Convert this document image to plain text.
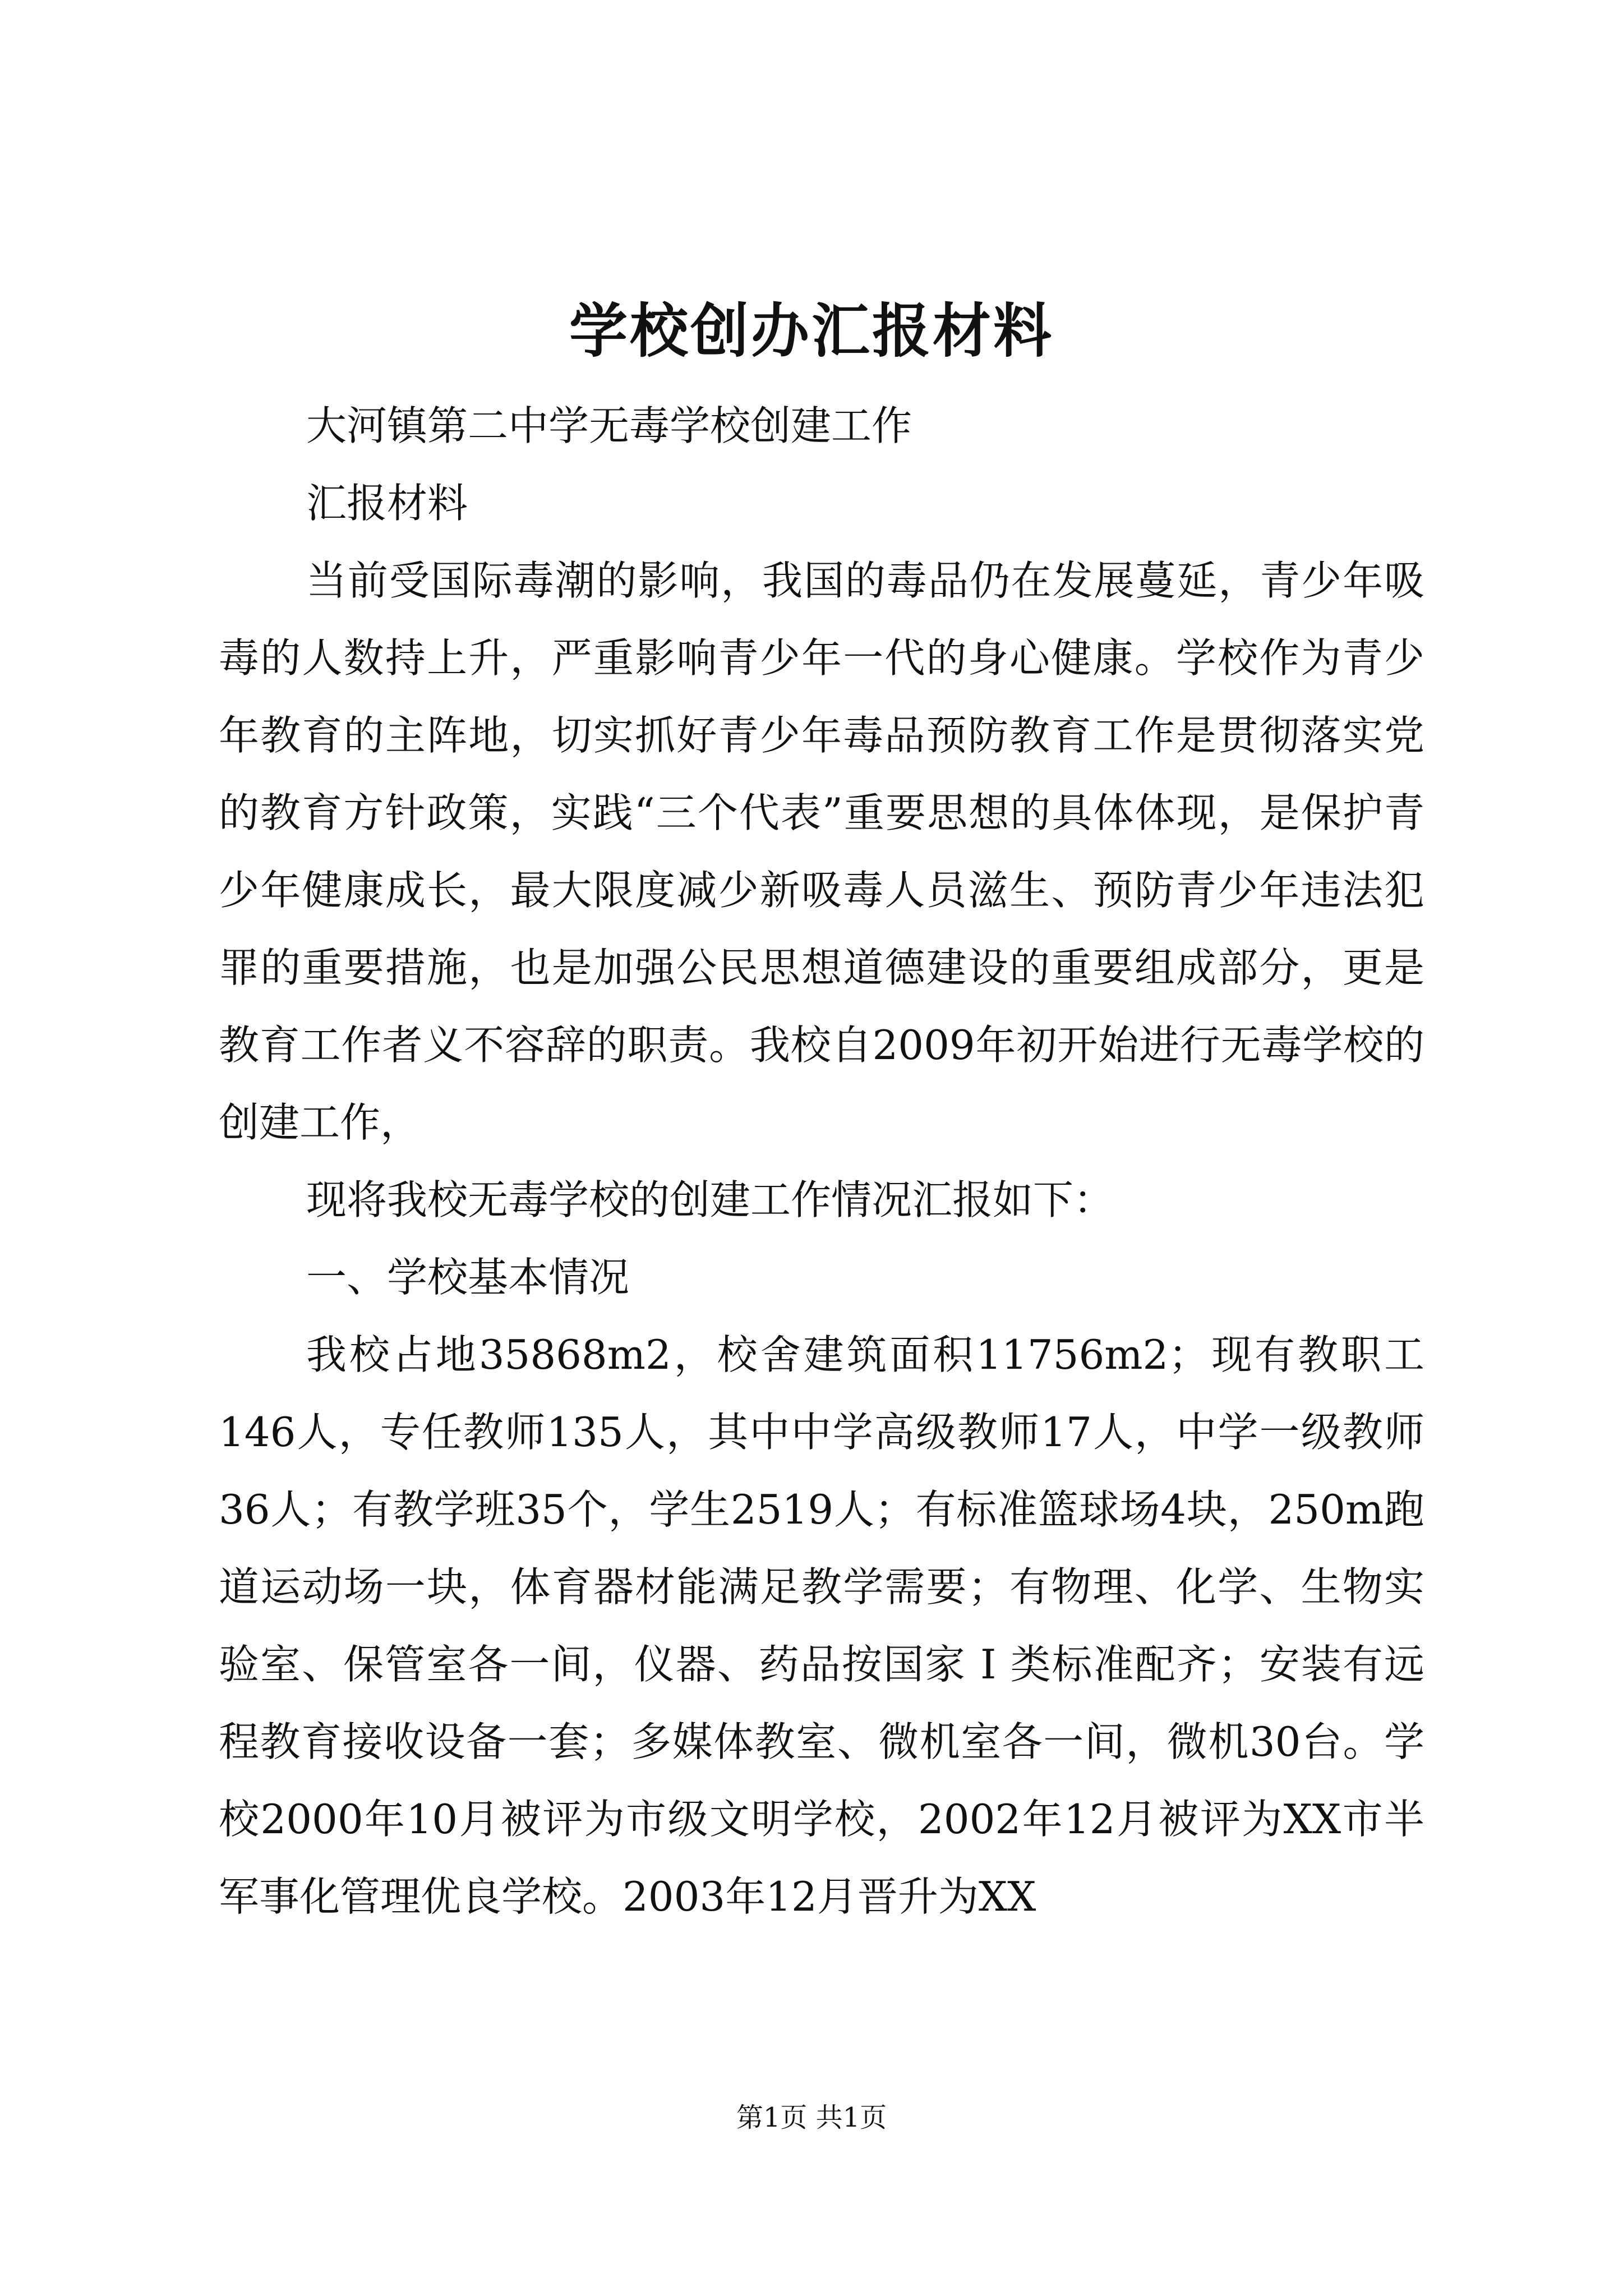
学校创办汇报材料

大河镇第二中学无毒学校创建工作

汇报材料

当前受国际毒潮的影响，我国的毒品仍在发展蔓延，青少年吸毒的人数持上升，严重影响青少年一代的身心健康。学校作为青少年教育的主阵地，切实抓好青少年毒品预防教育工作是贯彻落实党的教育方针政策，实践“三个代表”重要思想的具体体现，是保护青少年健康成长，最大限度减少新吸毒人员滋生、预防青少年违法犯罪的重要措施，也是加强公民思想道德建设的重要组成部分，更是教育工作者义不容辞的职责。我校自2009年初开始进行无毒学校的创建工作，

现将我校无毒学校的创建工作情况汇报如下：

一、学校基本情况

我校占地35868m2，校舍建筑面积11756m2；现有教职工146人，专任教师135人，其中中学高级教师17人，中学一级教师36人；有教学班35个，学生2519人；有标准篮球场4块，250m跑道运动场一块，体育器材能满足教学需要；有物理、化学、生物实验室、保管室各一间，仪器、药品按国家 I 类标准配齐；安装有远程教育接收设备一套；多媒体教室、微机室各一间，微机30台。学校2000年10月被评为市级文明学校，2002年12月被评为XX市半军事化管理优良学校。2003年12月晋升为XX

第1页 共1页
